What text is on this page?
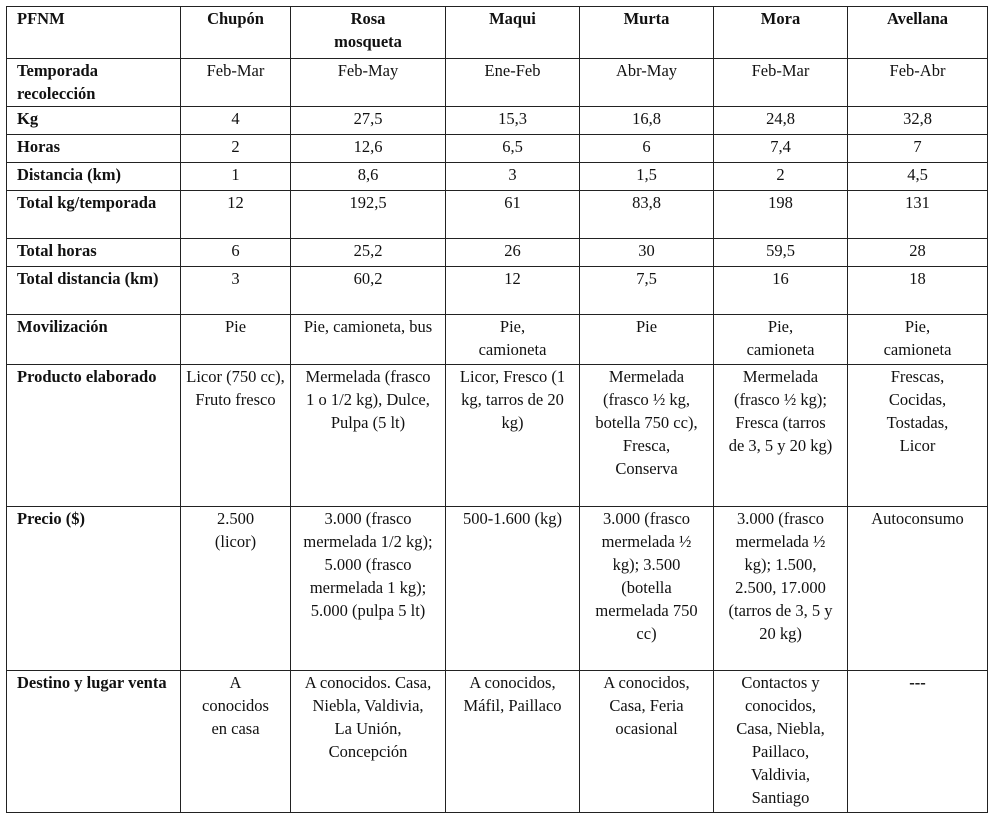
PFNM	Chupón	Rosa mosqueta	Maqui	Murta	Mora	Avellana
Temporada recolección	Feb-Mar	Feb-May	Ene-Feb	Abr-May	Feb-Mar	Feb-Abr
Kg	4	27,5	15,3	16,8	24,8	32,8
Horas	2	12,6	6,5	6	7,4	7
Distancia (km)	1	8,6	3	1,5	2	4,5
Total kg/temporada	12	192,5	61	83,8	198	131
Total horas	6	25,2	26	30	59,5	28
Total distancia (km)	3	60,2	12	7,5	16	18
Movilización	Pie	Pie, camioneta, bus	Pie, camioneta	Pie	Pie, camioneta	Pie, camioneta
Producto elaborado	Licor (750 cc), Fruto fresco	Mermelada (frasco 1 o 1/2 kg), Dulce, Pulpa (5 lt)	Licor, Fresco (1 kg, tarros de 20 kg)	Mermelada (frasco ½ kg, botella 750 cc), Fresca, Conserva	Mermelada (frasco ½ kg); Fresca (tarros de 3, 5 y 20 kg)	Frescas, Cocidas, Tostadas, Licor
Precio ($)	2.500 (licor)	3.000 (frasco mermelada 1/2 kg); 5.000 (frasco mermelada 1 kg); 5.000 (pulpa 5 lt)	500-1.600 (kg)	3.000 (frasco mermelada ½ kg); 3.500 (botella mermelada 750 cc)	3.000 (frasco mermelada ½ kg); 1.500, 2.500, 17.000 (tarros de 3, 5 y 20 kg)	Autoconsumo
Destino y lugar venta	A conocidos en casa	A conocidos. Casa, Niebla, Valdivia, La Unión, Concepción	A conocidos, Máfil, Paillaco	A conocidos, Casa, Feria ocasional	Contactos y conocidos, Casa, Niebla, Paillaco, Valdivia, Santiago	---
